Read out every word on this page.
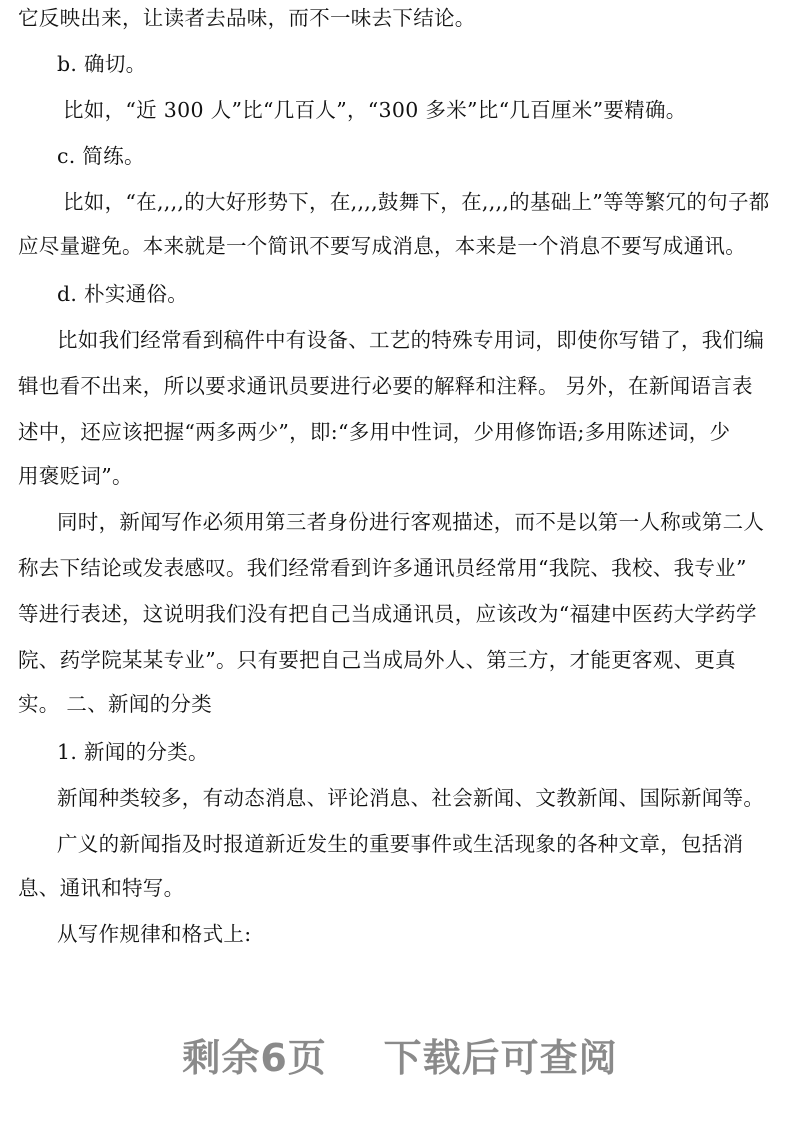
它反映出来，让读者去品味，而不一味去下结论。
b. 确切。
比如，“近 300 人”比“几百人”，“300 多米”比“几百厘米”要精确。
c. 简练。
比如，“在,,,,的大好形势下，在,,,,鼓舞下，在,,,,的基础上”等等繁冗的句子都
应尽量避免。本来就是一个简讯不要写成消息，本来是一个消息不要写成通讯。
d. 朴实通俗。
比如我们经常看到稿件中有设备、工艺的特殊专用词，即使你写错了，我们编
辑也看不出来，所以要求通讯员要进行必要的解释和注释。 另外，在新闻语言表
述中，还应该把握“两多两少”，即:“多用中性词，少用修饰语;多用陈述词，少
用褒贬词”。
同时，新闻写作必须用第三者身份进行客观描述，而不是以第一人称或第二人
称去下结论或发表感叹。我们经常看到许多通讯员经常用“我院、我校、我专业”
等进行表述，这说明我们没有把自己当成通讯员，应该改为“福建中医药大学药学
院、药学院某某专业”。只有要把自己当成局外人、第三方，才能更客观、更真
实。 二、新闻的分类
1. 新闻的分类。
新闻种类较多，有动态消息、评论消息、社会新闻、文教新闻、国际新闻等。
广义的新闻指及时报道新近发生的重要事件或生活现象的各种文章，包括消
息、通讯和特写。
从写作规律和格式上:
剩余6页    下载后可查阅
